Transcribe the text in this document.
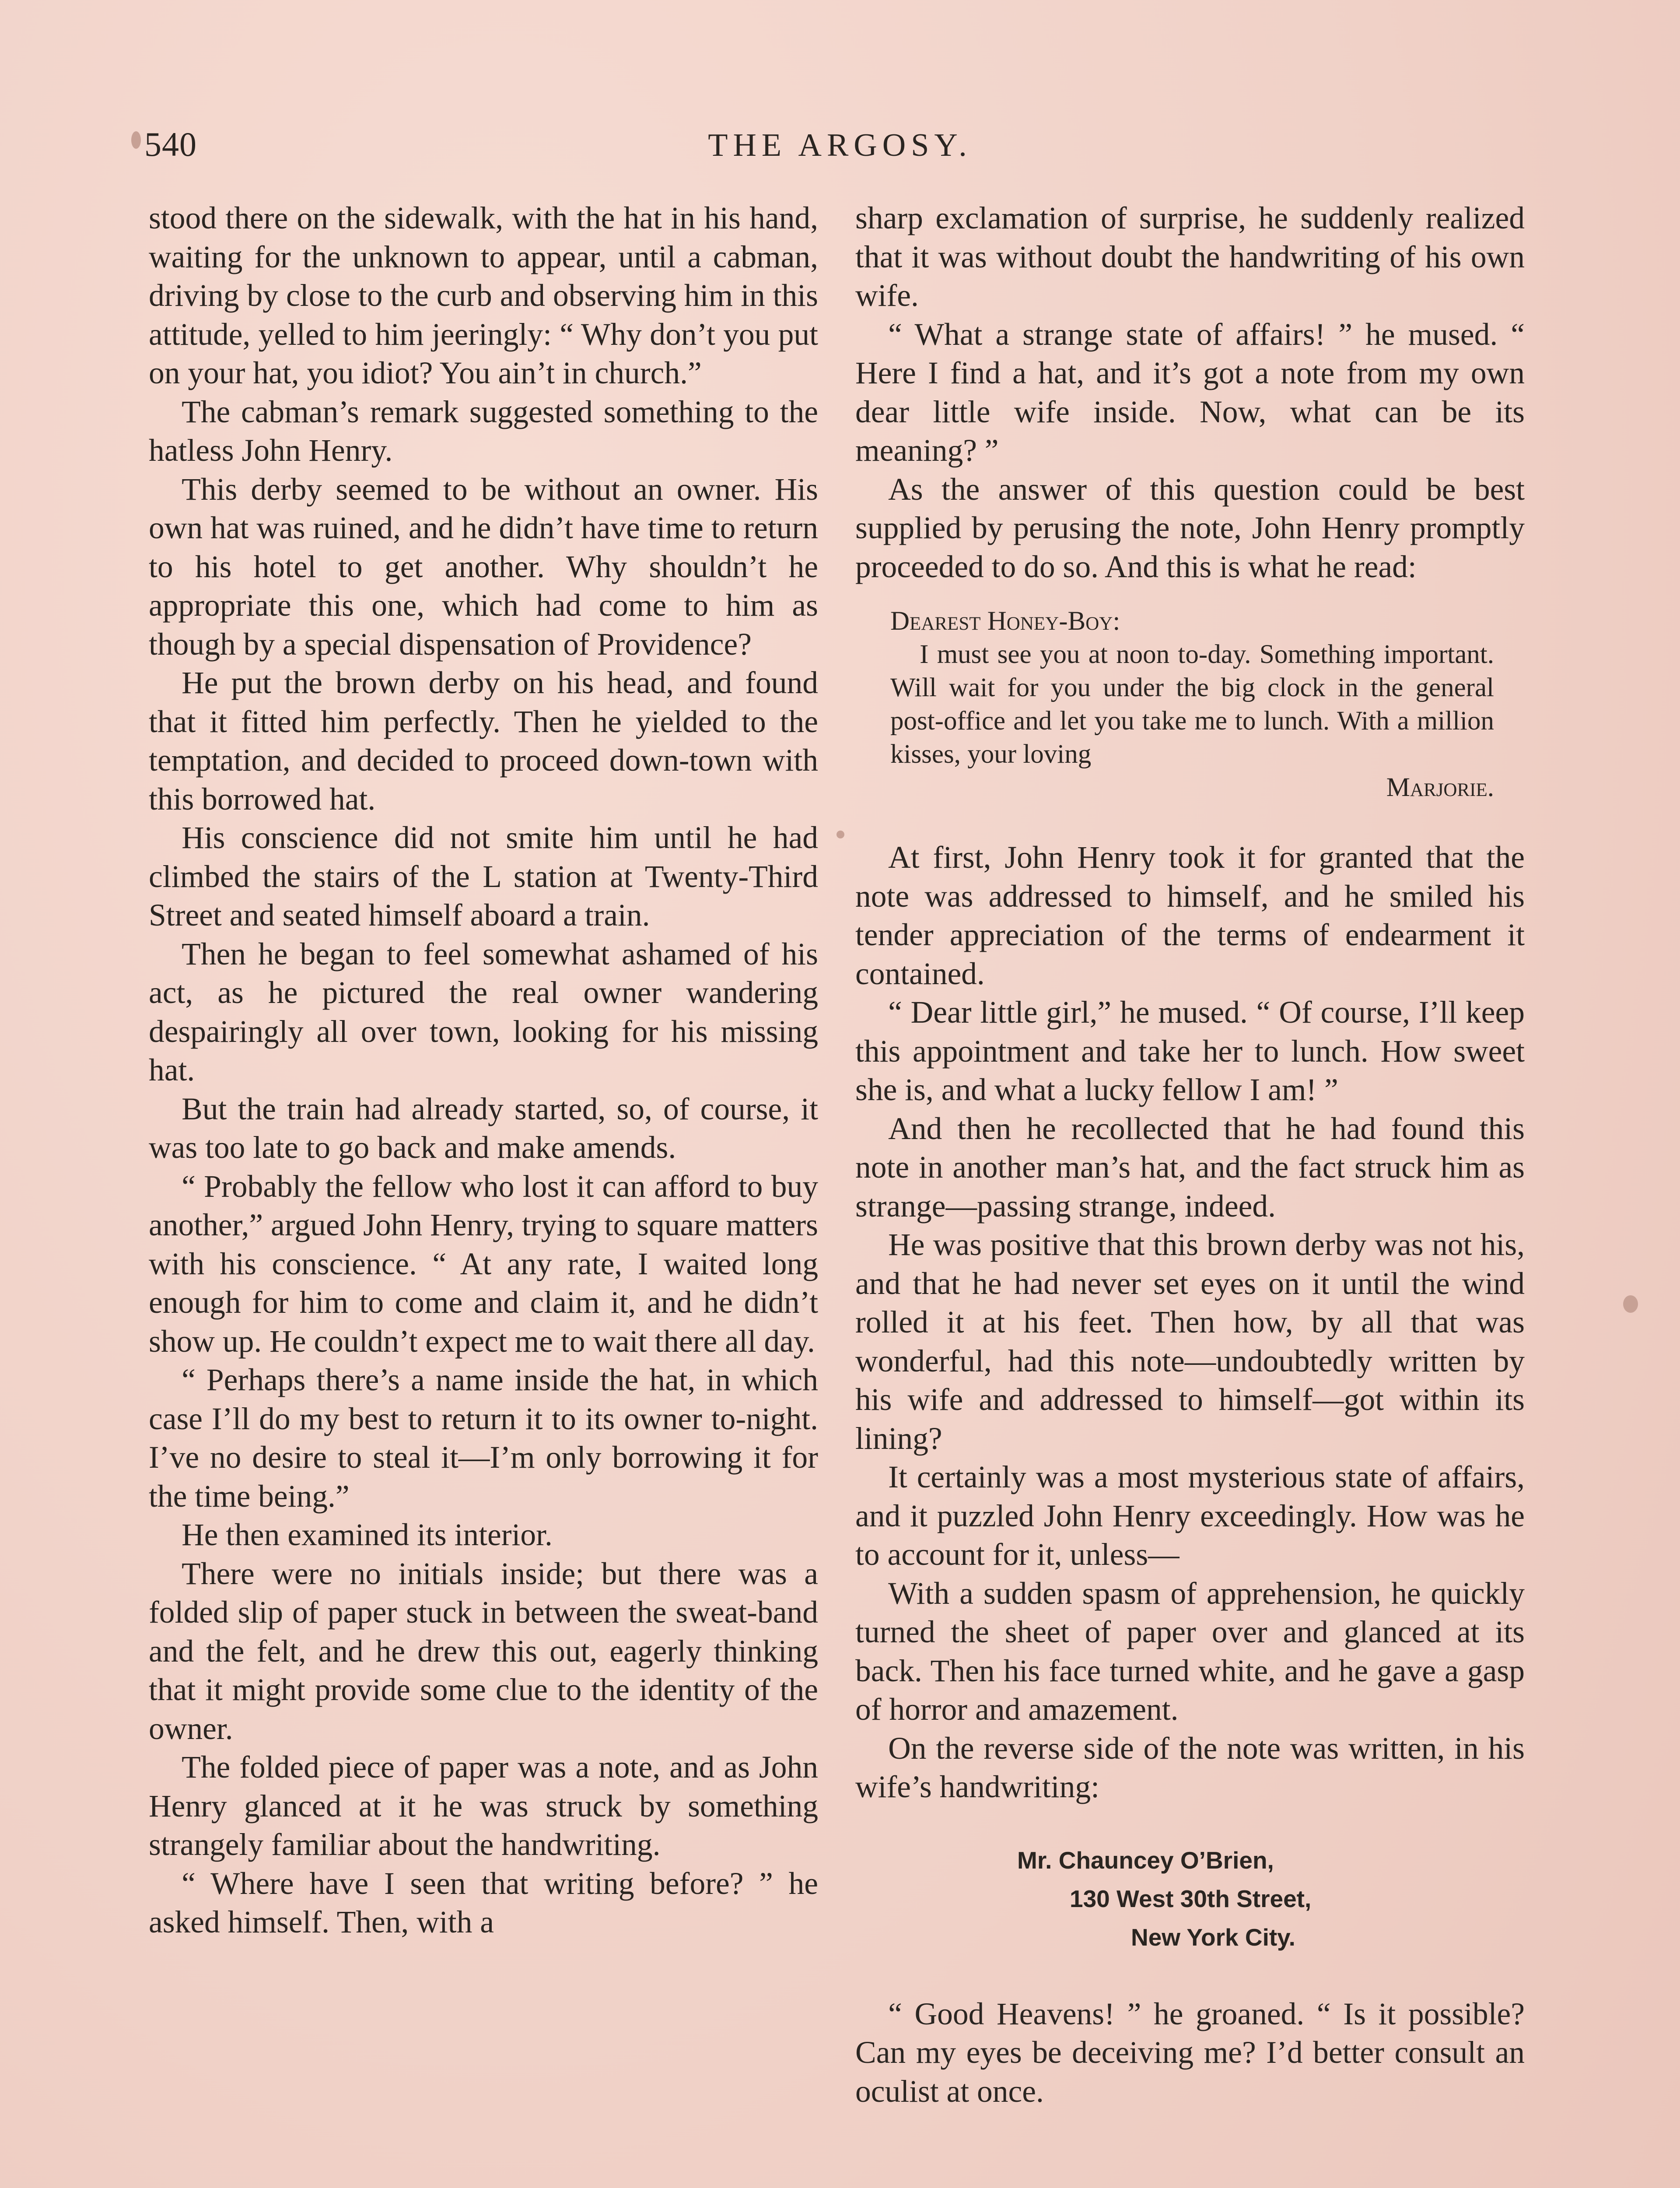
540	THE ARGOSY.

stood there on the sidewalk, with the hat in his hand, waiting for the unknown to appear, until a cabman, driving by close to the curb and observing him in this attitude, yelled to him jeeringly: “ Why don’t you put on your hat, you idiot? You ain’t in church.”

The cabman’s remark suggested something to the hatless John Henry.

This derby seemed to be without an owner. His own hat was ruined, and he didn’t have time to return to his hotel to get another. Why shouldn’t he appropriate this one, which had come to him as though by a special dispensation of Providence?

He put the brown derby on his head, and found that it fitted him perfectly. Then he yielded to the temptation, and decided to proceed down-town with this borrowed hat.

His conscience did not smite him until he had climbed the stairs of the L station at Twenty-Third Street and seated himself aboard a train.

Then he began to feel somewhat ashamed of his act, as he pictured the real owner wandering despairingly all over town, looking for his missing hat.

But the train had already started, so, of course, it was too late to go back and make amends.

“ Probably the fellow who lost it can afford to buy another,” argued John Henry, trying to square matters with his conscience. “ At any rate, I waited long enough for him to come and claim it, and he didn’t show up. He couldn’t expect me to wait there all day.

“ Perhaps there’s a name inside the hat, in which case I’ll do my best to return it to its owner to-night. I’ve no desire to steal it—I’m only borrowing it for the time being.”

He then examined its interior.

There were no initials inside; but there was a folded slip of paper stuck in between the sweat-band and the felt, and he drew this out, eagerly thinking that it might provide some clue to the identity of the owner.

The folded piece of paper was a note, and as John Henry glanced at it he was struck by something strangely familiar about the handwriting.

“ Where have I seen that writing before? ” he asked himself. Then, with a

sharp exclamation of surprise, he suddenly realized that it was without doubt the handwriting of his own wife.

“ What a strange state of affairs! ” he mused. “ Here I find a hat, and it’s got a note from my own dear little wife inside. Now, what can be its meaning? ”

As the answer of this question could be best supplied by perusing the note, John Henry promptly proceeded to do so. And this is what he read:

Dearest Honey-Boy:
I must see you at noon to-day. Something important. Will wait for you under the big clock in the general post-office and let you take me to lunch. With a million kisses, your loving
Marjorie.

At first, John Henry took it for granted that the note was addressed to himself, and he smiled his tender appreciation of the terms of endearment it contained.

“ Dear little girl,” he mused. “ Of course, I’ll keep this appointment and take her to lunch. How sweet she is, and what a lucky fellow I am! ”

And then he recollected that he had found this note in another man’s hat, and the fact struck him as strange—passing strange, indeed.

He was positive that this brown derby was not his, and that he had never set eyes on it until the wind rolled it at his feet. Then how, by all that was wonderful, had this note—undoubtedly written by his wife and addressed to himself—got within its lining?

It certainly was a most mysterious state of affairs, and it puzzled John Henry exceedingly. How was he to account for it, unless—

With a sudden spasm of apprehension, he quickly turned the sheet of paper over and glanced at its back. Then his face turned white, and he gave a gasp of horror and amazement.

On the reverse side of the note was written, in his wife’s handwriting:

Mr. Chauncey O’Brien,
130 West 30th Street,
New York City.

“ Good Heavens! ” he groaned. “ Is it possible? Can my eyes be deceiving me? I’d better consult an oculist at once.
